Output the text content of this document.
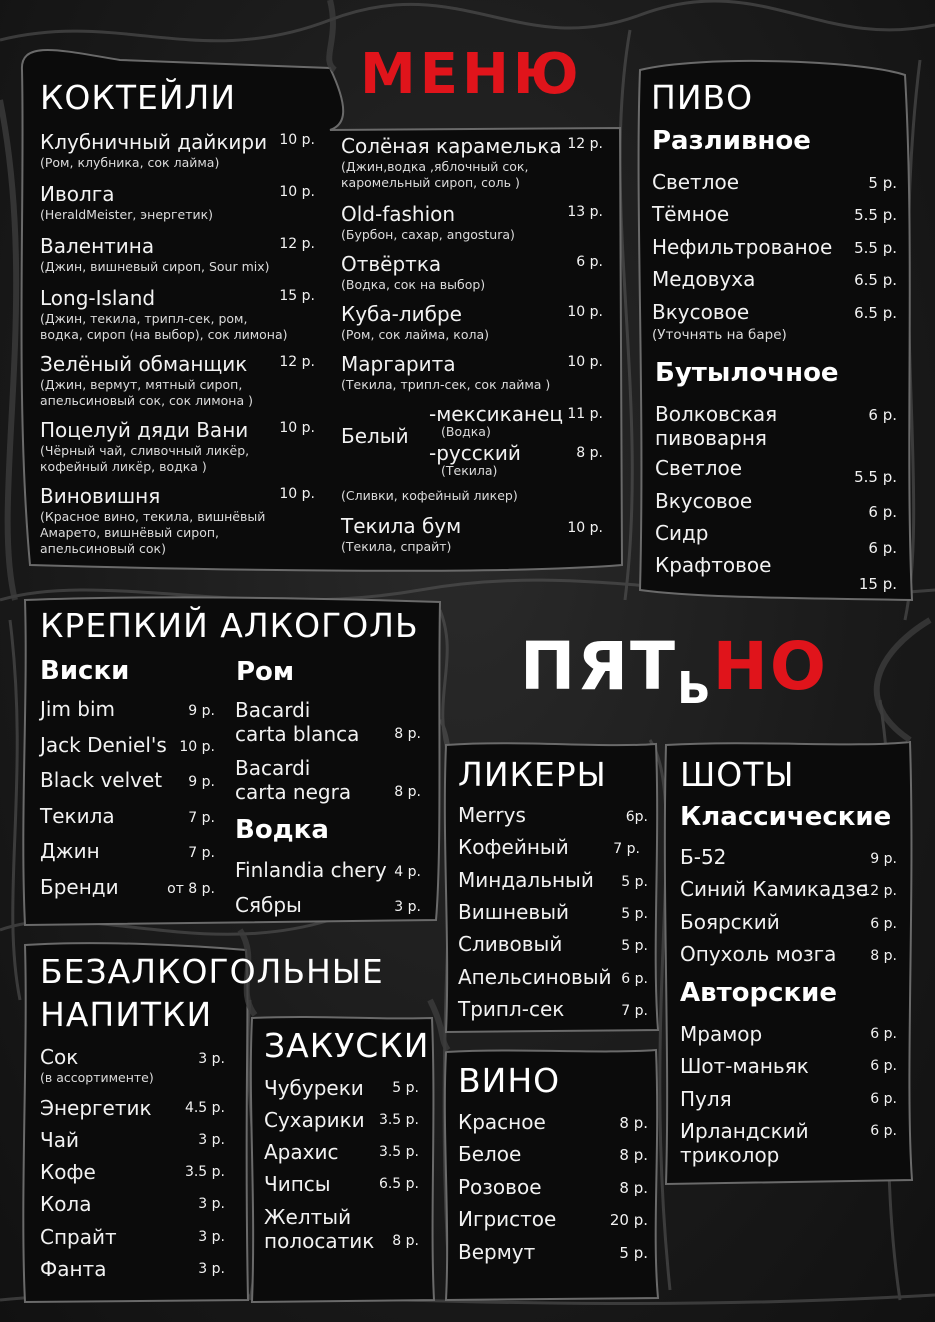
МЕНЮ
$ПЯТ_ЬНО$
КОКТЕЙЛИ
Клубничный дайкири
(Ром, клубника, сок лайма)
10 р.
Иволга
(HeraldMeister, энергетик)
10 р.
Валентина
(Джин, вишневый сироп, Sour mix)
12 р.
Long-Island
(Джин, текила, трипл-сек, ром,
водка, сироп (на выбор), сок лимона)
15 р.
Зелёный обманщик
(Джин, вермут, мятный сироп,
апельсиновый сок, сок лимона )
12 р.
Поцелуй дяди Вани
(Чёрный чай, сливочный ликёр,
кофейный ликёр, водка )
10 р.
Виновишня
(Красное вино, текила, вишнёвый
Амарето, вишнёвый сироп,
апельсиновый сок)
10 р.
Солёная карамелька
(Джин,водка ,яблочный сок,
каромельный сироп, соль )
12 р.
Old-fashion
(Бурбон, сахар, angostura)
13 р.
Отвёртка
(Водка, сок на выбор)
6 р.
Куба-либре
(Ром, сок лайма, кола)
10 р.
Маргарита
(Текила, трипл-сек, сок лайма )
10 р.
Белый
-мексиканец
(Водка)
11 р.
-русский
(Текила)
8 р.
(Сливки, кофейный ликер)
Текила бум
(Текила, спрайт)
10 р.
ПИВО
Разливное
Светлое	5 р.
Тёмное	5.5 р.
Нефильтрованое 5.5 р.
Медовуха	6.5 р.
Вкусовое
(Уточнять на баре)
6.5 р.
Бутылочное
Волковская
пивоварня
6 р.
Светлое	5.5 р.
Вкусовое	6 р.
Сидр
6 р.
Крафтовое
15 р.
КРЕПКИЙ АЛКОГОЛЬ
Виски
Jim bim	9 р.
Jack Deniel's 10 р.
Black velvet 9 р.
Текила	7 р.
Джин	7 р.
Бренди	от 8 р.
Ром
Bacardi
carta blanca 8 р.
Bacardi
carta negra	8 р.
Водка
Finlandia chery 4 р.
Сябры	3 р.
БЕЗАЛКОГОЛЬНЫЕ
НАПИТКИ
Сок
(в ассортименте)
3 р.
Энергетик 4.5 р.
Чай	3 р.
Кофе	3.5 р.
Кола	3 р.
Спрайт	3 р.
Фанта	3 р.
ЗАКУСКИ
Чубуреки 5 р.
Сухарики 3.5 р.
Арахис	3.5 р.
Чипсы	6.5 р.
Желтый
полосатик 8 р.
ЛИКЕРЫ
Merrys	6р.
Кофейный	7 р.
Миндальный 5 р.
Вишневый	5 р.
Сливовый	5 р.
Апельсиновый 6 р.
Трипл-сек	7 р.
ВИНО
Красное	8 р.
Белое	8 р.
Розовое	8 р.
Игристое	20 р.
Вермут	5 р.
ШОТЫ
Классические
Б-52	9 р.
Синий Камикадзе
12 р.
Боярский	6 р.
Опухоль мозга 8 р.
Авторские
Мрамор	6 р.
Шот-маньяк	6 р.
Пуля	6 р.
Ирландский
триколор
6 р.
